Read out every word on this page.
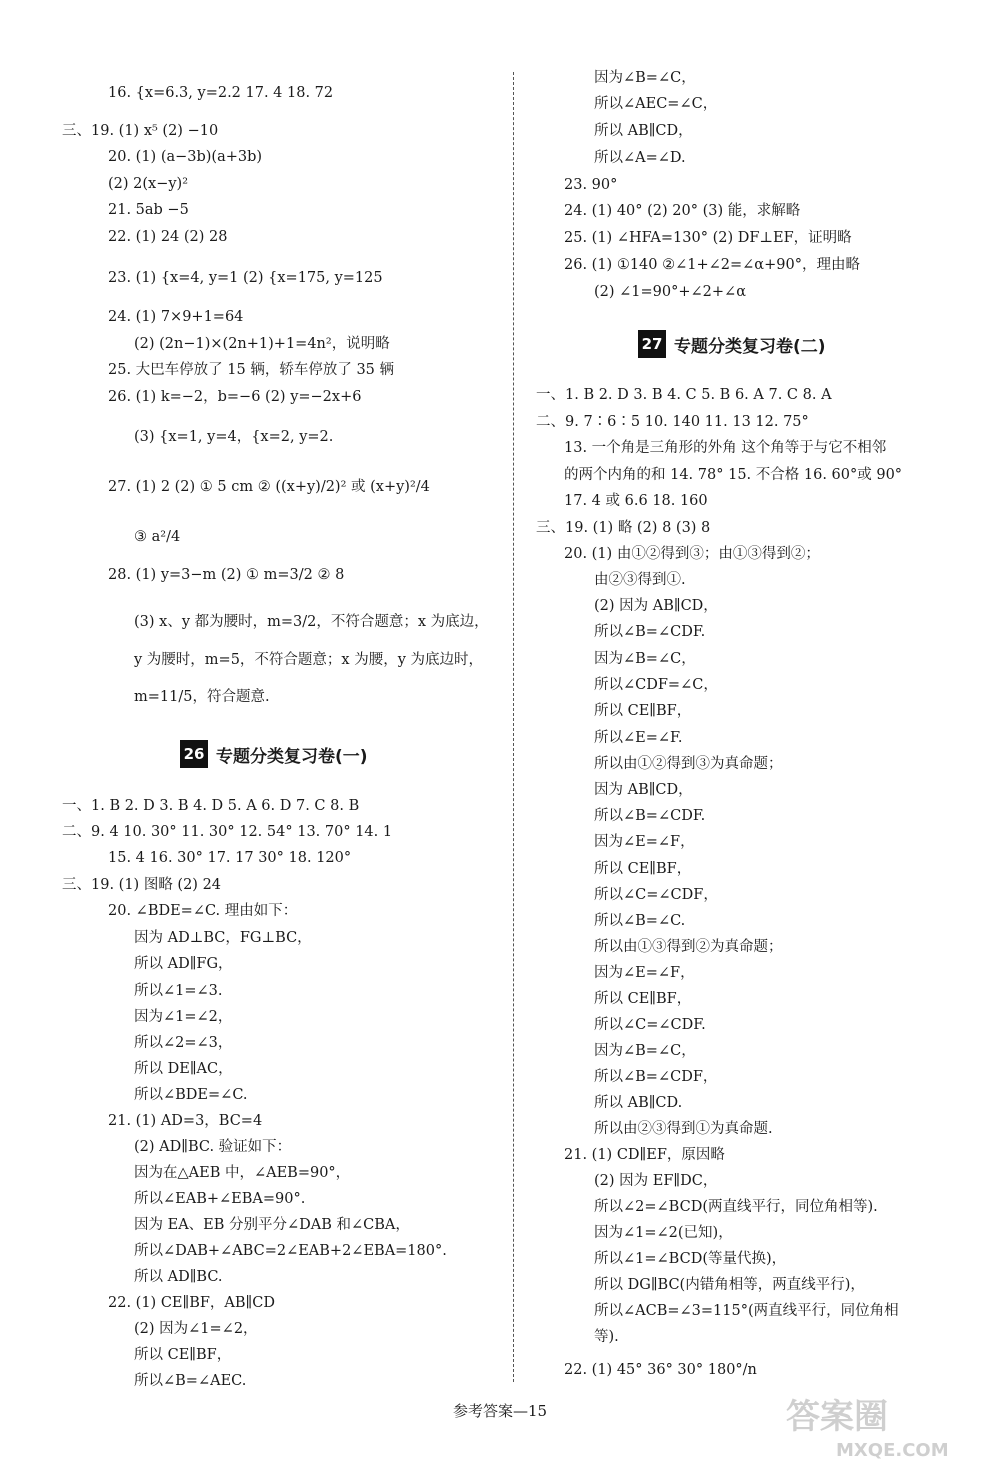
16. {x=6.3, y=2.2 17. 4 18. 72
三、19. (1) x⁵ (2) −10
20. (1) (a−3b)(a+3b)
(2) 2(x−y)²
21. 5ab −5
22. (1) 24 (2) 28
23. (1) {x=4, y=1 (2) {x=175, y=125
24. (1) 7×9+1=64
(2) (2n−1)×(2n+1)+1=4n²，说明略
25. 大巴车停放了 15 辆，轿车停放了 35 辆
26. (1) k=−2，b=−6 (2) y=−2x+6
(3) {x=1, y=4，{x=2, y=2.
27. (1) 2 (2) ① 5 cm ② ((x+y)/2)² 或 (x+y)²/4
③ a²/4
28. (1) y=3−m (2) ① m=3/2 ② 8
(3) x、y 都为腰时，m=3/2，不符合题意；x 为底边，
y 为腰时，m=5，不符合题意；x 为腰，y 为底边时，
m=11/5，符合题意.
26 专题分类复习卷(一)
一、1. B 2. D 3. B 4. D 5. A 6. D 7. C 8. B
二、9. 4 10. 30° 11. 30° 12. 54° 13. 70° 14. 1
15. 4 16. 30° 17. 17 30° 18. 120°
三、19. (1) 图略 (2) 24
20. ∠BDE=∠C. 理由如下：
因为 AD⊥BC，FG⊥BC，
所以 AD∥FG，
所以∠1=∠3.
因为∠1=∠2，
所以∠2=∠3，
所以 DE∥AC，
所以∠BDE=∠C.
21. (1) AD=3，BC=4
(2) AD∥BC. 验证如下：
因为在△AEB 中，∠AEB=90°，
所以∠EAB+∠EBA=90°.
因为 EA、EB 分别平分∠DAB 和∠CBA，
所以∠DAB+∠ABC=2∠EAB+2∠EBA=180°.
所以 AD∥BC.
22. (1) CE∥BF，AB∥CD
(2) 因为∠1=∠2，
所以 CE∥BF，
所以∠B=∠AEC.
因为∠B=∠C，
所以∠AEC=∠C，
所以 AB∥CD，
所以∠A=∠D.
23. 90°
24. (1) 40° (2) 20° (3) 能，求解略
25. (1) ∠HFA=130° (2) DF⊥EF，证明略
26. (1) ①140 ②∠1+∠2=∠α+90°，理由略
(2) ∠1=90°+∠2+∠α
27 专题分类复习卷(二)
一、1. B 2. D 3. B 4. C 5. B 6. A 7. C 8. A
二、9. 7∶6∶5 10. 140 11. 13 12. 75°
13. 一个角是三角形的外角 这个角等于与它不相邻
的两个内角的和 14. 78° 15. 不合格 16. 60°或 90°
17. 4 或 6.6 18. 160
三、19. (1) 略 (2) 8 (3) 8
20. (1) 由①②得到③；由①③得到②；
由②③得到①.
(2) 因为 AB∥CD，
所以∠B=∠CDF.
因为∠B=∠C，
所以∠CDF=∠C，
所以 CE∥BF，
所以∠E=∠F.
所以由①②得到③为真命题；
因为 AB∥CD，
所以∠B=∠CDF.
因为∠E=∠F，
所以 CE∥BF，
所以∠C=∠CDF，
所以∠B=∠C.
所以由①③得到②为真命题；
因为∠E=∠F，
所以 CE∥BF，
所以∠C=∠CDF.
因为∠B=∠C，
所以∠B=∠CDF，
所以 AB∥CD.
所以由②③得到①为真命题.
21. (1) CD∥EF，原因略
(2) 因为 EF∥DC，
所以∠2=∠BCD(两直线平行，同位角相等).
因为∠1=∠2(已知)，
所以∠1=∠BCD(等量代换)，
所以 DG∥BC(内错角相等，两直线平行)，
所以∠ACB=∠3=115°(两直线平行，同位角相
等).
22. (1) 45° 36° 30° 180°/n
参考答案—15	答案圈
MXQE.COM
